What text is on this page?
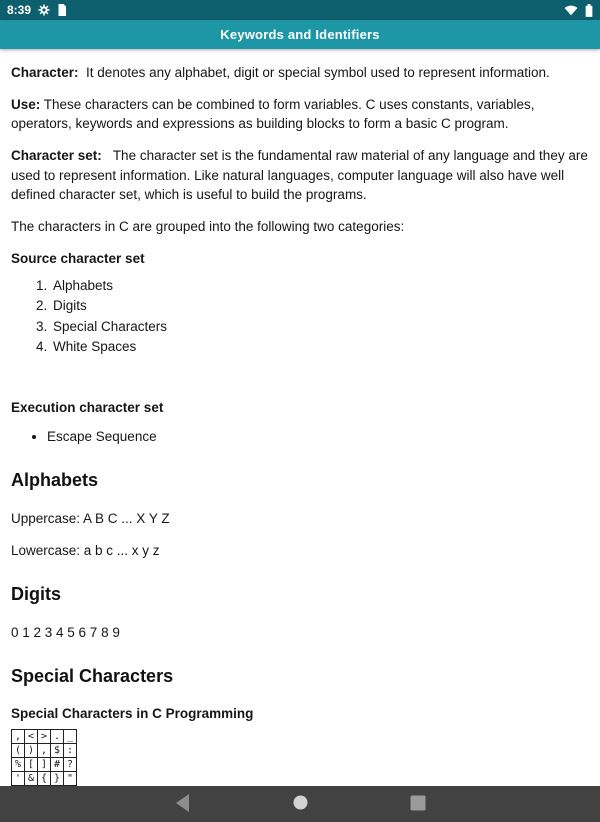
8:39
Keywords and Identifiers

Character: It denotes any alphabet, digit or special symbol used to represent information.

Use: These characters can be combined to form variables. C uses constants, variables, operators, keywords and expressions as building blocks to form a basic C program.

Character set: The character set is the fundamental raw material of any language and they are used to represent information. Like natural languages, computer language will also have well defined character set, which is useful to build the programs.

The characters in C are grouped into the following two categories:

Source character set
1. Alphabets
2. Digits
3. Special Characters
4. White Spaces
Execution character set
• Escape Sequence
Alphabets

Uppercase: A B C ... X Y Z

Lowercase: a b c ... x y z

Digits

0 1 2 3 4 5 6 7 8 9

Special Characters
Special Characters in C Programming
,	<	>	.	_
(	)	,	$	:
%	[	]	#	?
'	&	{	}	"
